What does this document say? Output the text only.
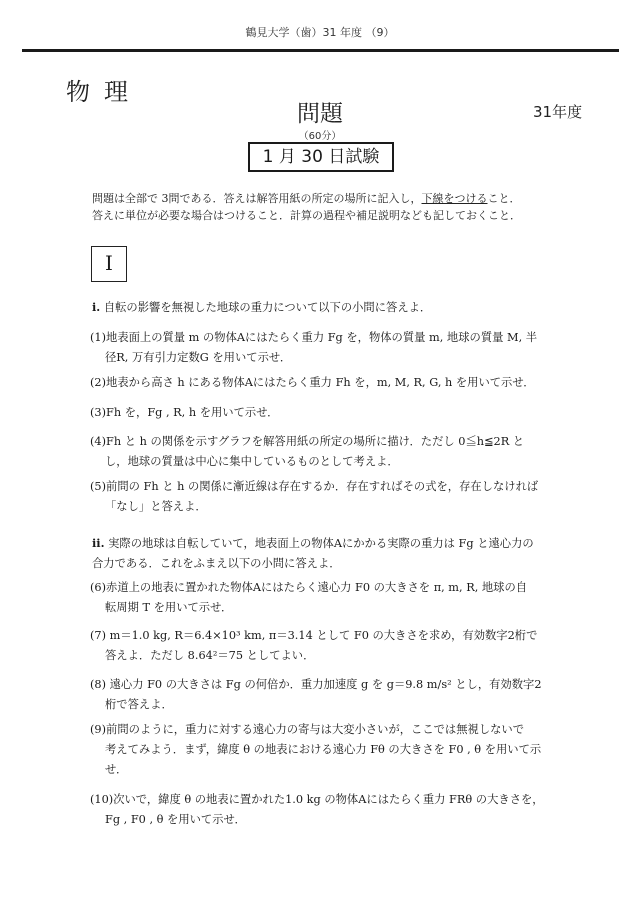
鶴見大学（歯）31 年度 （9）
物理
問題	31年度
（60分）
1 月 30 日試験
問題は全部で 3問である．答えは解答用紙の所定の場所に記入し，下線をつけること．
答えに単位が必要な場合はつけること．計算の過程や補足説明なども記しておくこと．
I
i. 自転の影響を無視した地球の重力について以下の小問に答えよ．
(1)地表面上の質量 m の物体Aにはたらく重力 Fg を，物体の質量 m, 地球の質量 M, 半
径R, 万有引力定数G を用いて示せ．
(2)地表から高さ h にある物体Aにはたらく重力 Fh を，m, M, R, G, h を用いて示せ．
(3)Fh を，Fg , R, h を用いて示せ．
(4)Fh と h の関係を示すグラフを解答用紙の所定の場所に描け．ただし 0≦h≦2R と
し，地球の質量は中心に集中しているものとして考えよ．
(5)前問の Fh と h の関係に漸近線は存在するか．存在すればその式を，存在しなければ
「なし」と答えよ．
ii. 実際の地球は自転していて，地表面上の物体Aにかかる実際の重力は Fg と遠心力の
合力である．これをふまえ以下の小問に答えよ．
(6)赤道上の地表に置かれた物体Aにはたらく遠心力 F0 の大きさを π, m, R, 地球の自
転周期 T を用いて示せ．
(7) m＝1.0 kg, R＝6.4×10³ km, π＝3.14 として F0 の大きさを求め，有効数字2桁で
答えよ．ただし 8.64²＝75 としてよい．
(8) 遠心力 F0 の大きさは Fg の何倍か．重力加速度 g を g＝9.8 m/s² とし，有効数字2
桁で答えよ．
(9)前問のように，重力に対する遠心力の寄与は大変小さいが，ここでは無視しないで
考えてみよう．まず，緯度 θ の地表における遠心力 Fθ の大きさを F0 , θ を用いて示
せ．
(10)次いで，緯度 θ の地表に置かれた1.0 kg の物体Aにはたらく重力 FRθ の大きさを，
Fg , F0 , θ を用いて示せ．
